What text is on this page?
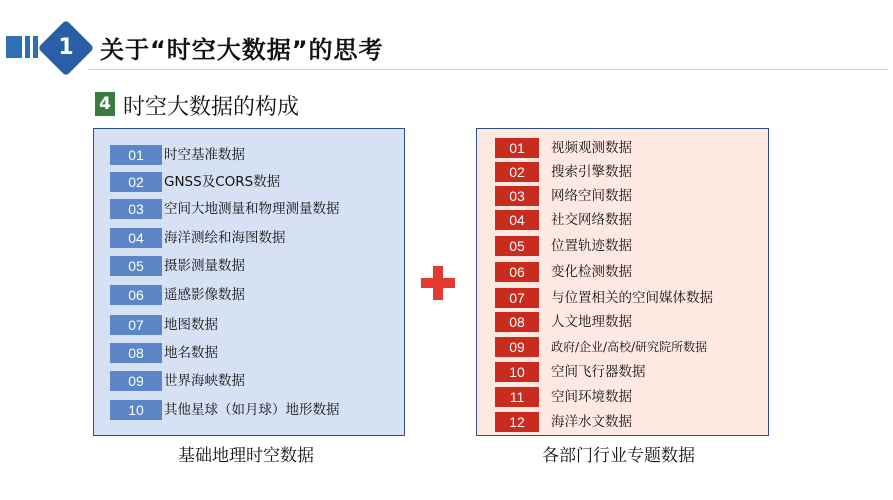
1	关于“时空大数据”的思考
4 时空大数据的构成
01	时空基准数据
02	GNSS及CORS数据
03	空间大地测量和物理测量数据
04	海洋测绘和海图数据
05	摄影测量数据
06	遥感影像数据
07	地图数据
08	地名数据
09	世界海峡数据
10	其他星球（如月球）地形数据
01	视频观测数据
02	搜索引擎数据
03	网络空间数据
04	社交网络数据
05	位置轨迹数据
06	变化检测数据
07	与位置相关的空间媒体数据
08	人文地理数据
09	政府/企业/高校/研究院所数据
10	空间飞行器数据
11	空间环境数据
12	海洋水文数据
基础地理时空数据	各部门行业专题数据
